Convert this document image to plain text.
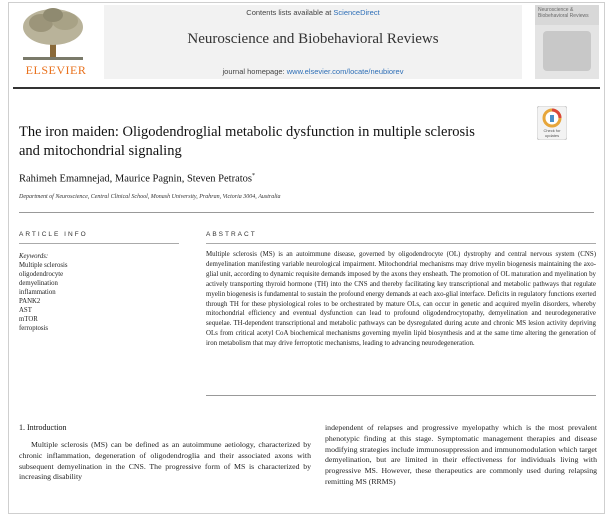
ELSEVIER
Contents lists available at ScienceDirect
Neuroscience and Biobehavioral Reviews
journal homepage: www.elsevier.com/locate/neubiorev
Neuroscience & Biobehavioral Reviews
The iron maiden: Oligodendroglial metabolic dysfunction in multiple sclerosis and mitochondrial signaling
Check for updates
Rahimeh Emamnejad, Maurice Pagnin, Steven Petratos*
Department of Neuroscience, Central Clinical School, Monash University, Prahran, Victoria 3004, Australia
ARTICLE INFO
Keywords:
Multiple sclerosis
oligodendrocyte
demyelination
inflammation
PANK2
AST
mTOR
ferroptosis
ABSTRACT

Multiple sclerosis (MS) is an autoimmune disease, governed by oligodendrocyte (OL) dystrophy and central nervous system (CNS) demyelination manifesting variable neurological impairment. Mitochondrial mechanisms may drive myelin biogenesis maintaining the axo-glial unit, according to dynamic requisite demands imposed by the axons they ensheath. The promotion of OL maturation and myelination by actively transporting thyroid hormone (TH) into the CNS and thereby facilitating key transcriptional and metabolic pathways that regulate myelin biogenesis is fundamental to sustain the profound energy demands at each axo-glial interface. Deficits in regulatory functions exerted through TH for these physiological roles to be orchestrated by mature OLs, can occur in genetic and acquired myelin disorders, whereby mitochondrial efficiency and eventual dysfunction can lead to profound oligodendrocytopathy, demyelination and neurodegenerative sequelae. TH-dependent transcriptional and metabolic pathways can be dysregulated during acute and chronic MS lesion activity depriving OLs from critical acetyl CoA biochemical mechanisms governing myelin lipid biosynthesis and at the same time altering the generation of iron metabolism that may drive ferroptotic mechanisms, leading to advancing neurodegeneration.

1. Introduction

Multiple sclerosis (MS) can be defined as an autoimmune aetiology, characterized by chronic inflammation, degeneration of oligodendroglia and their associated axons with subsequent demyelination in the CNS. The progressive form of MS is characterized by increasing disability

independent of relapses and progressive myelopathy which is the most prevalent phenotypic finding at this stage. Symptomatic management therapies and disease modifying strategies include immunosuppression and immunomodulation which target demyelination, but are limited in their effectiveness for individuals living with progressive MS. However, these therapeutics are commonly used during relapsing remitting MS (RRMS)
